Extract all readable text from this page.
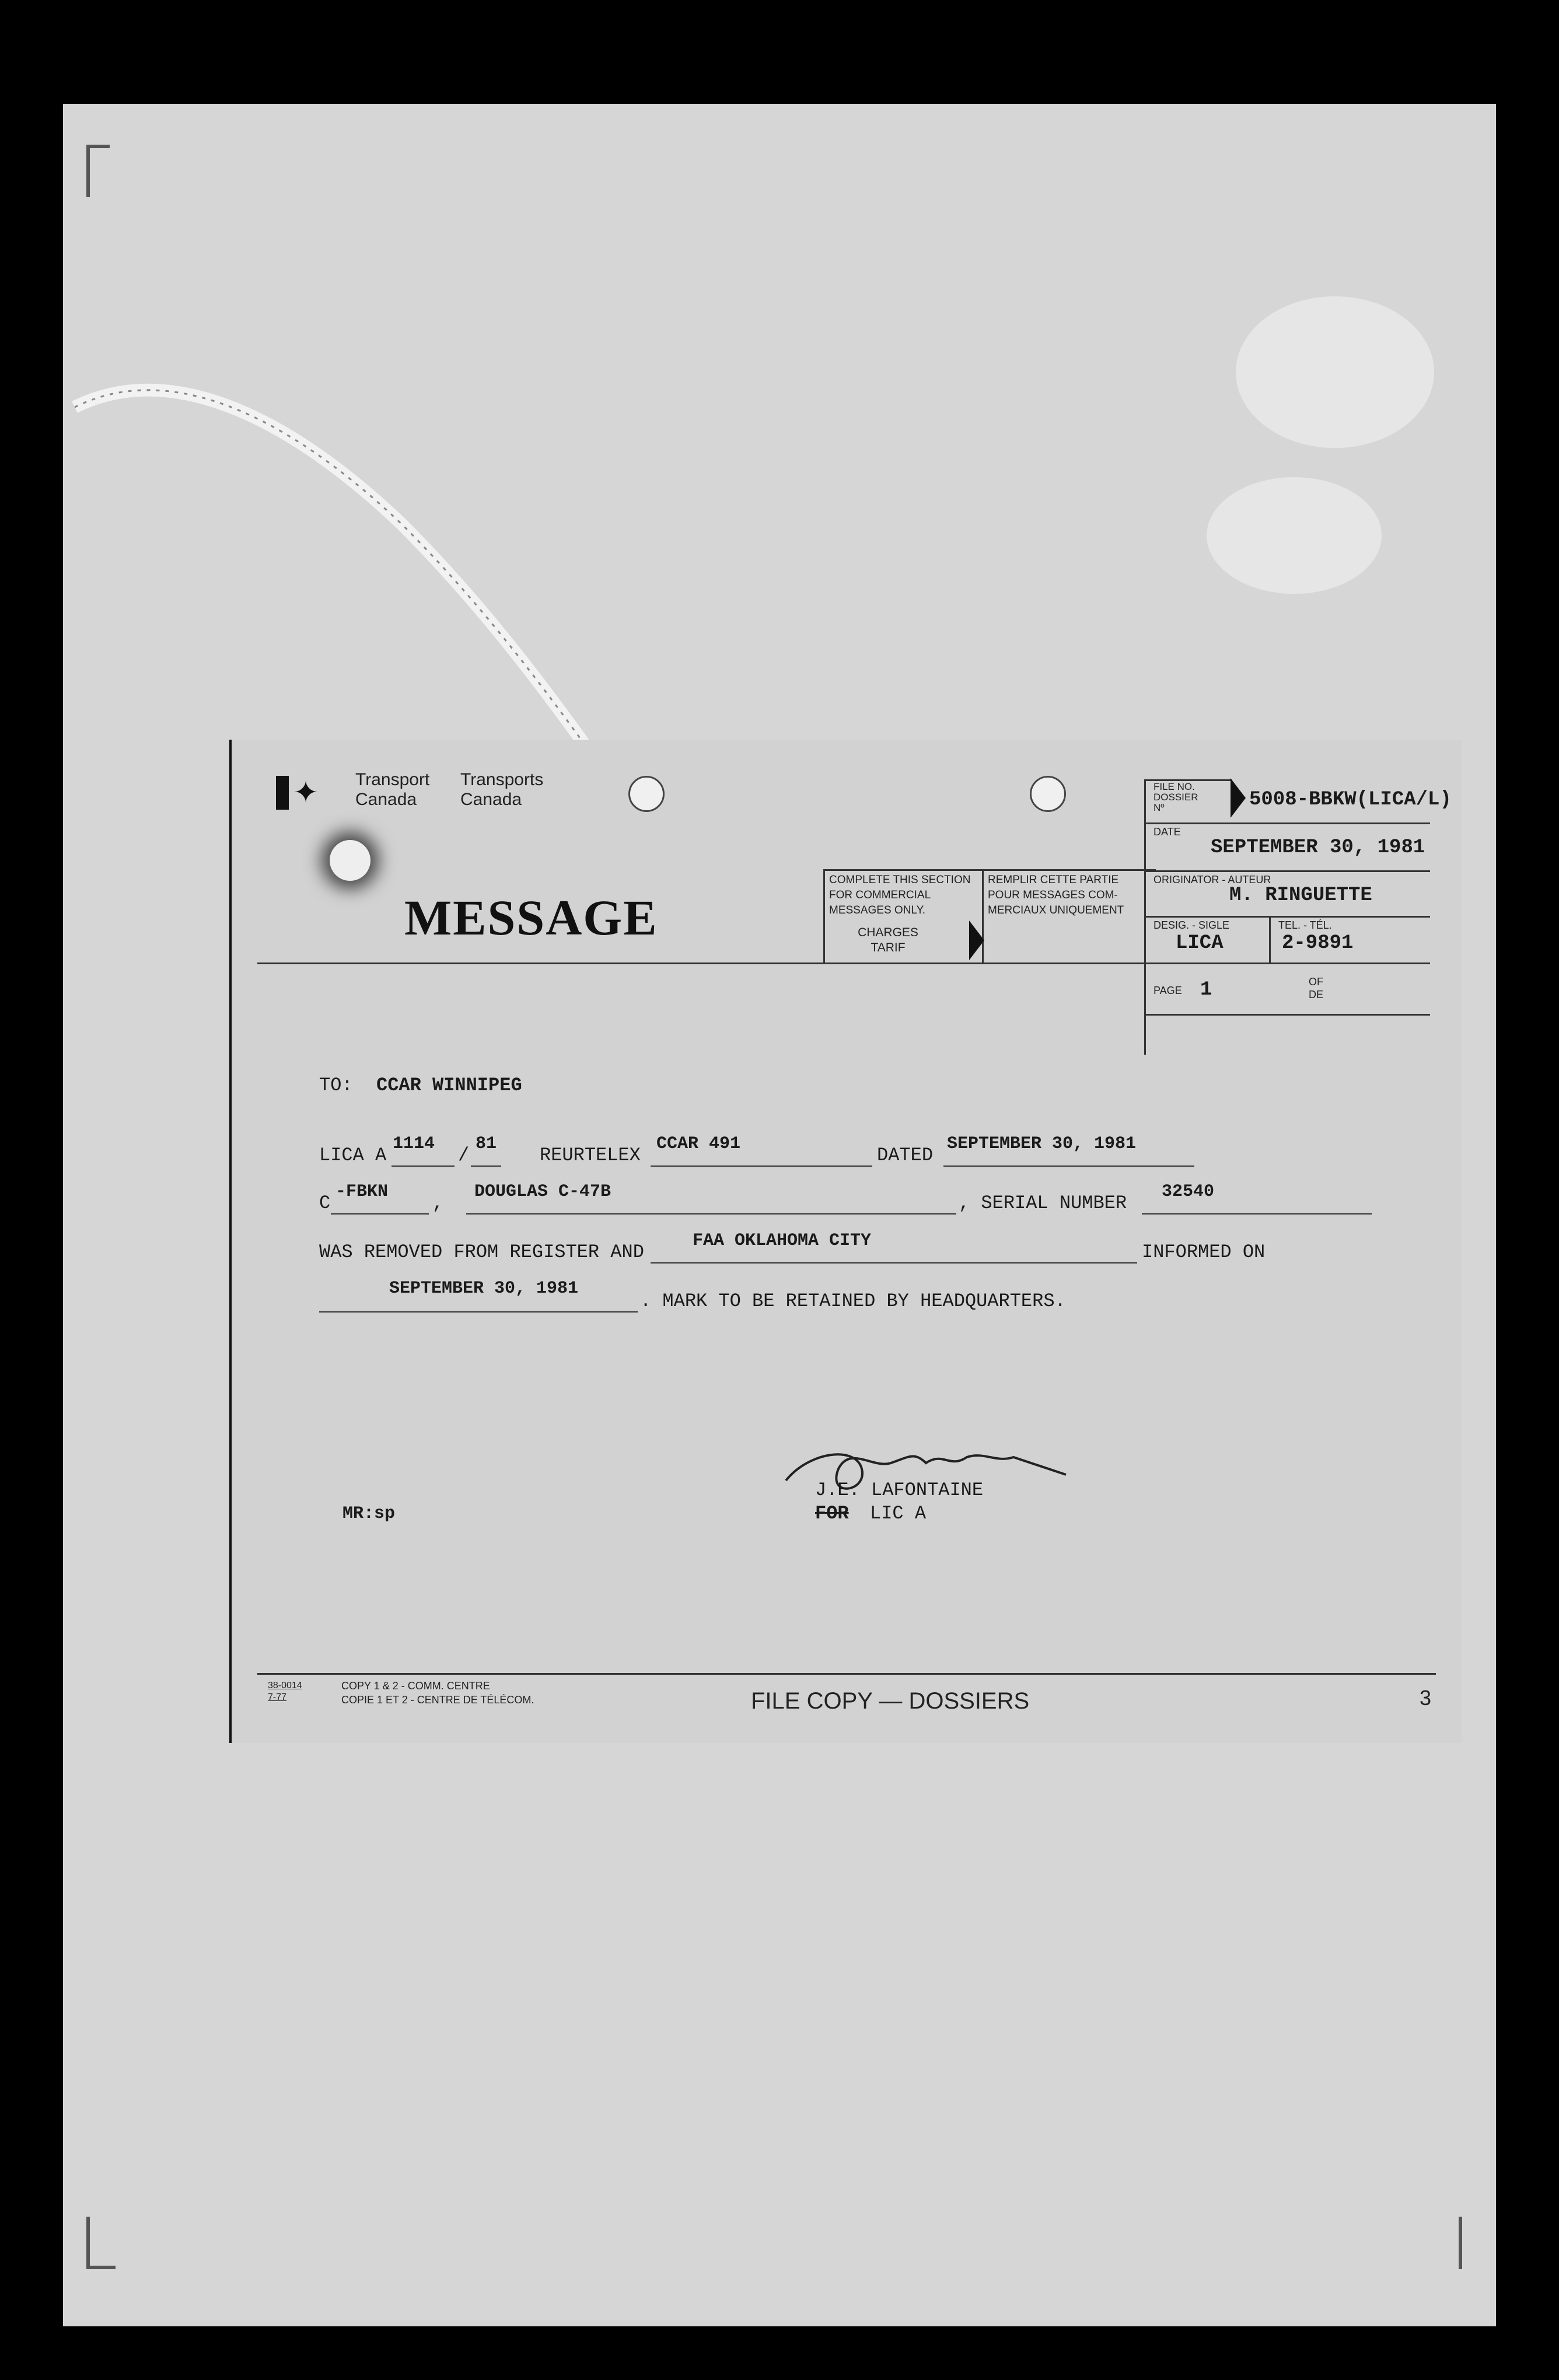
✦ Transport
Canada
Transports
Canada
MESSAGE
COMPLETE THIS SECTION
FOR COMMERCIAL
MESSAGES ONLY.
REMPLIR CETTE PARTIE
POUR MESSAGES COM-
MERCIAUX UNIQUEMENT
CHARGES
TARIF
FILE NO.
DOSSIER
Nº	5008-BBKW(LICA/L)
DATE
SEPTEMBER 30, 1981
ORIGINATOR - AUTEUR
M. RINGUETTE
DESIG. - SIGLE
LICA
TEL. - TÉL.
2-9891
PAGE 1	OF
DE
TO: CCAR WINNIPEG
LICA A
1114
/
81
REURTELEX
CCAR 491
DATED
SEPTEMBER 30, 1981
C
-FBKN
,
DOUGLAS C-47B
, SERIAL NUMBER
32540
WAS REMOVED FROM REGISTER AND
FAA OKLAHOMA CITY
INFORMED ON
SEPTEMBER 30, 1981
. MARK TO BE RETAINED BY HEADQUARTERS.
J.E. LAFONTAINE
FOR LIC A
MR:sp
38-0014
7-77
COPY 1 & 2 - COMM. CENTRE
COPIE 1 ET 2 - CENTRE DE TÉLÉCOM.	FILE COPY — DOSSIERS	3
